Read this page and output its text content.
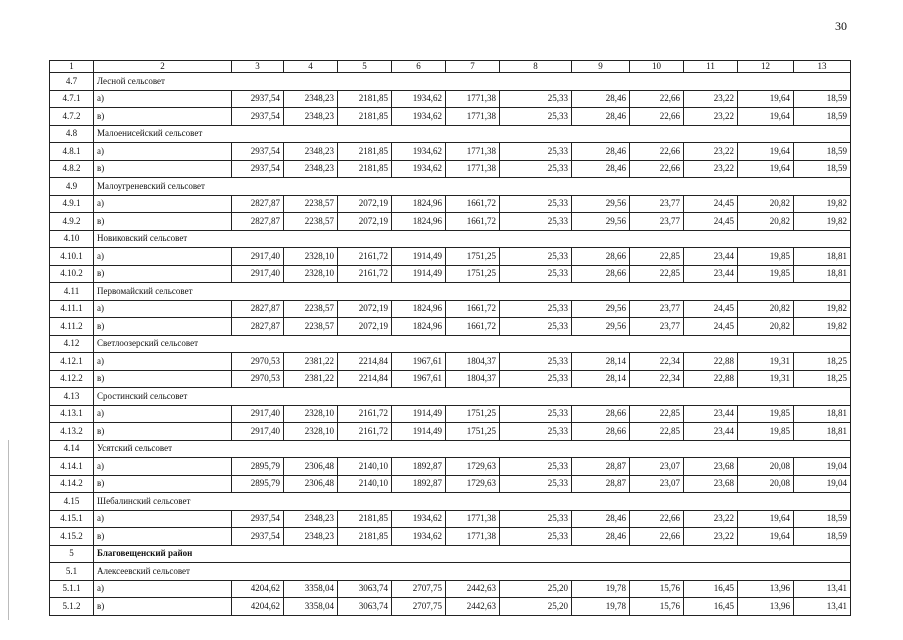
30
1	2	3	4	5	6	7	8	9	10	11	12	13
4.7	Лесной сельсовет											
4.7.1	а)	2937,54	2348,23	2181,85	1934,62	1771,38	25,33	28,46	22,66	23,22	19,64	18,59
4.7.2	в)	2937,54	2348,23	2181,85	1934,62	1771,38	25,33	28,46	22,66	23,22	19,64	18,59
4.8	Малоенисейский сельсовет											
4.8.1	а)	2937,54	2348,23	2181,85	1934,62	1771,38	25,33	28,46	22,66	23,22	19,64	18,59
4.8.2	в)	2937,54	2348,23	2181,85	1934,62	1771,38	25,33	28,46	22,66	23,22	19,64	18,59
4.9	Малоугреневский сельсовет											
4.9.1	а)	2827,87	2238,57	2072,19	1824,96	1661,72	25,33	29,56	23,77	24,45	20,82	19,82
4.9.2	в)	2827,87	2238,57	2072,19	1824,96	1661,72	25,33	29,56	23,77	24,45	20,82	19,82
4.10	Новиковский сельсовет											
4.10.1	а)	2917,40	2328,10	2161,72	1914,49	1751,25	25,33	28,66	22,85	23,44	19,85	18,81
4.10.2	в)	2917,40	2328,10	2161,72	1914,49	1751,25	25,33	28,66	22,85	23,44	19,85	18,81
4.11	Первомайский сельсовет											
4.11.1	а)	2827,87	2238,57	2072,19	1824,96	1661,72	25,33	29,56	23,77	24,45	20,82	19,82
4.11.2	в)	2827,87	2238,57	2072,19	1824,96	1661,72	25,33	29,56	23,77	24,45	20,82	19,82
4.12	Светлоозерский сельсовет											
4.12.1	а)	2970,53	2381,22	2214,84	1967,61	1804,37	25,33	28,14	22,34	22,88	19,31	18,25
4.12.2	в)	2970,53	2381,22	2214,84	1967,61	1804,37	25,33	28,14	22,34	22,88	19,31	18,25
4.13	Сростинский сельсовет											
4.13.1	а)	2917,40	2328,10	2161,72	1914,49	1751,25	25,33	28,66	22,85	23,44	19,85	18,81
4.13.2	в)	2917,40	2328,10	2161,72	1914,49	1751,25	25,33	28,66	22,85	23,44	19,85	18,81
4.14	Усятский сельсовет											
4.14.1	а)	2895,79	2306,48	2140,10	1892,87	1729,63	25,33	28,87	23,07	23,68	20,08	19,04
4.14.2	в)	2895,79	2306,48	2140,10	1892,87	1729,63	25,33	28,87	23,07	23,68	20,08	19,04
4.15	Шебалинский сельсовет											
4.15.1	а)	2937,54	2348,23	2181,85	1934,62	1771,38	25,33	28,46	22,66	23,22	19,64	18,59
4.15.2	в)	2937,54	2348,23	2181,85	1934,62	1771,38	25,33	28,46	22,66	23,22	19,64	18,59
5	Благовещенский район											
5.1	Алексеевский сельсовет											
5.1.1	а)	4204,62	3358,04	3063,74	2707,75	2442,63	25,20	19,78	15,76	16,45	13,96	13,41
5.1.2	в)	4204,62	3358,04	3063,74	2707,75	2442,63	25,20	19,78	15,76	16,45	13,96	13,41
